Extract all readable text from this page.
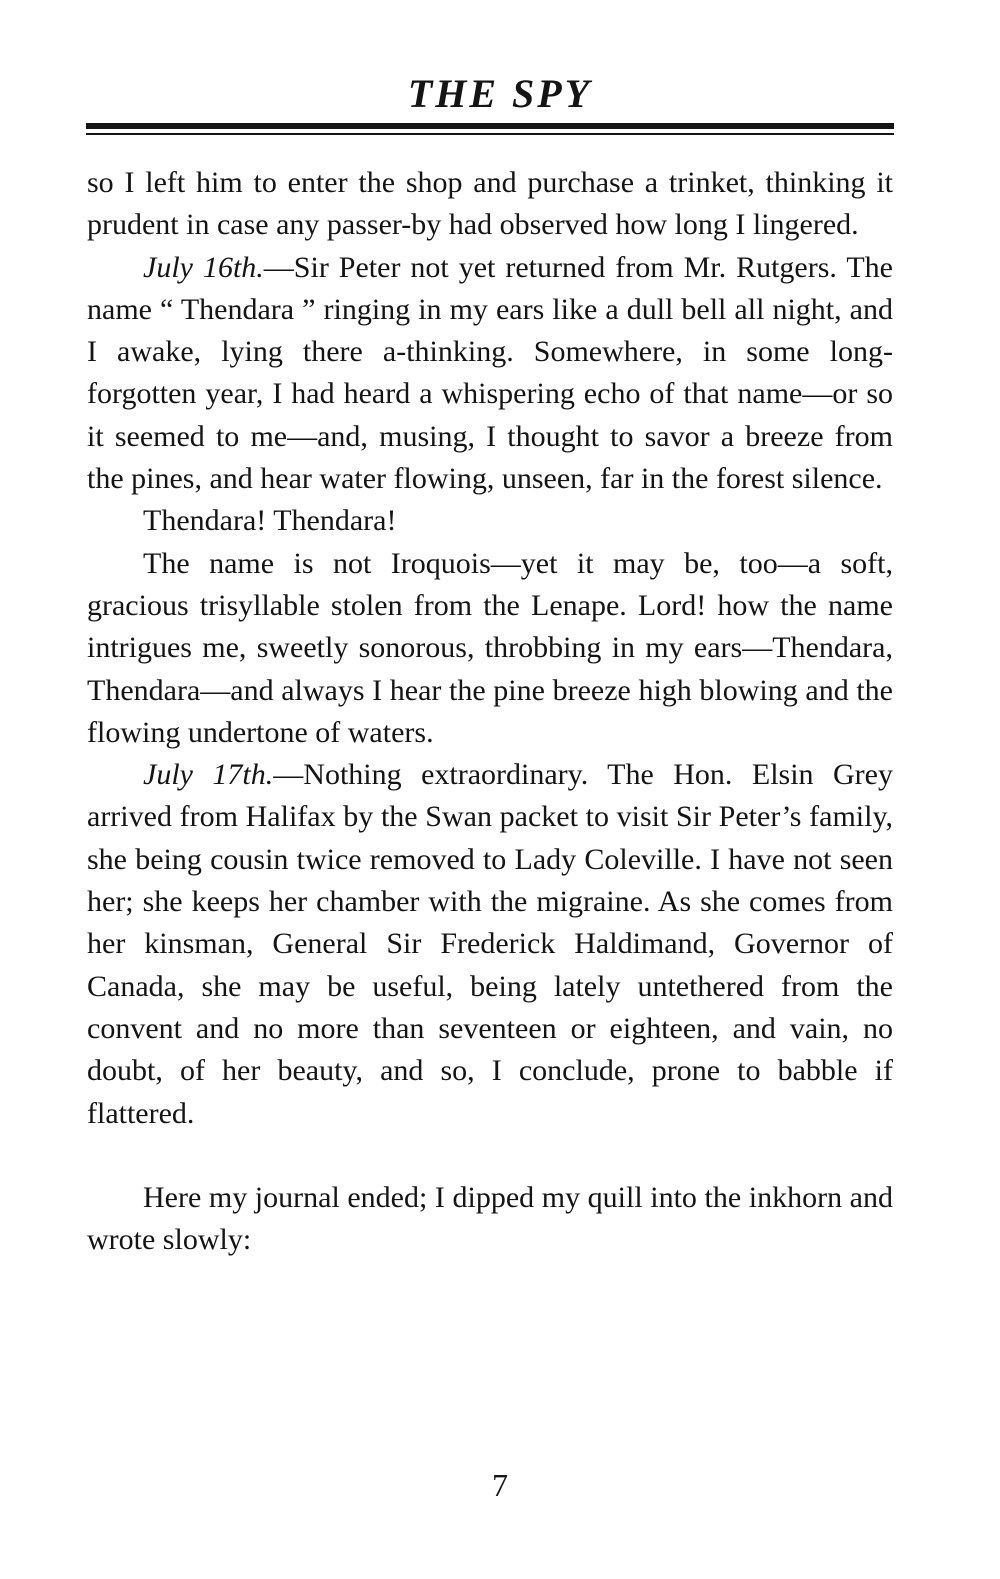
THE SPY

so I left him to enter the shop and purchase a trinket, thinking it prudent in case any passer-by had observed how long I lingered.

July 16th.—Sir Peter not yet returned from Mr. Rutgers. The name “ Thendara ” ringing in my ears like a dull bell all night, and I awake, lying there a-thinking. Somewhere, in some long-forgotten year, I had heard a whispering echo of that name—or so it seemed to me—and, musing, I thought to savor a breeze from the pines, and hear water flowing, unseen, far in the forest silence.

Thendara! Thendara!

The name is not Iroquois—yet it may be, too—a soft, gracious trisyllable stolen from the Lenape. Lord! how the name intrigues me, sweetly sonorous, throbbing in my ears—Thendara, Thendara—and always I hear the pine breeze high blowing and the flowing undertone of waters.

July 17th.—Nothing extraordinary. The Hon. Elsin Grey arrived from Halifax by the Swan packet to visit Sir Peter’s family, she being cousin twice removed to Lady Coleville. I have not seen her; she keeps her chamber with the migraine. As she comes from her kinsman, General Sir Frederick Haldimand, Governor of Canada, she may be useful, being lately untethered from the convent and no more than seventeen or eighteen, and vain, no doubt, of her beauty, and so, I conclude, prone to babble if flattered.

Here my journal ended; I dipped my quill into the inkhorn and wrote slowly:

7
